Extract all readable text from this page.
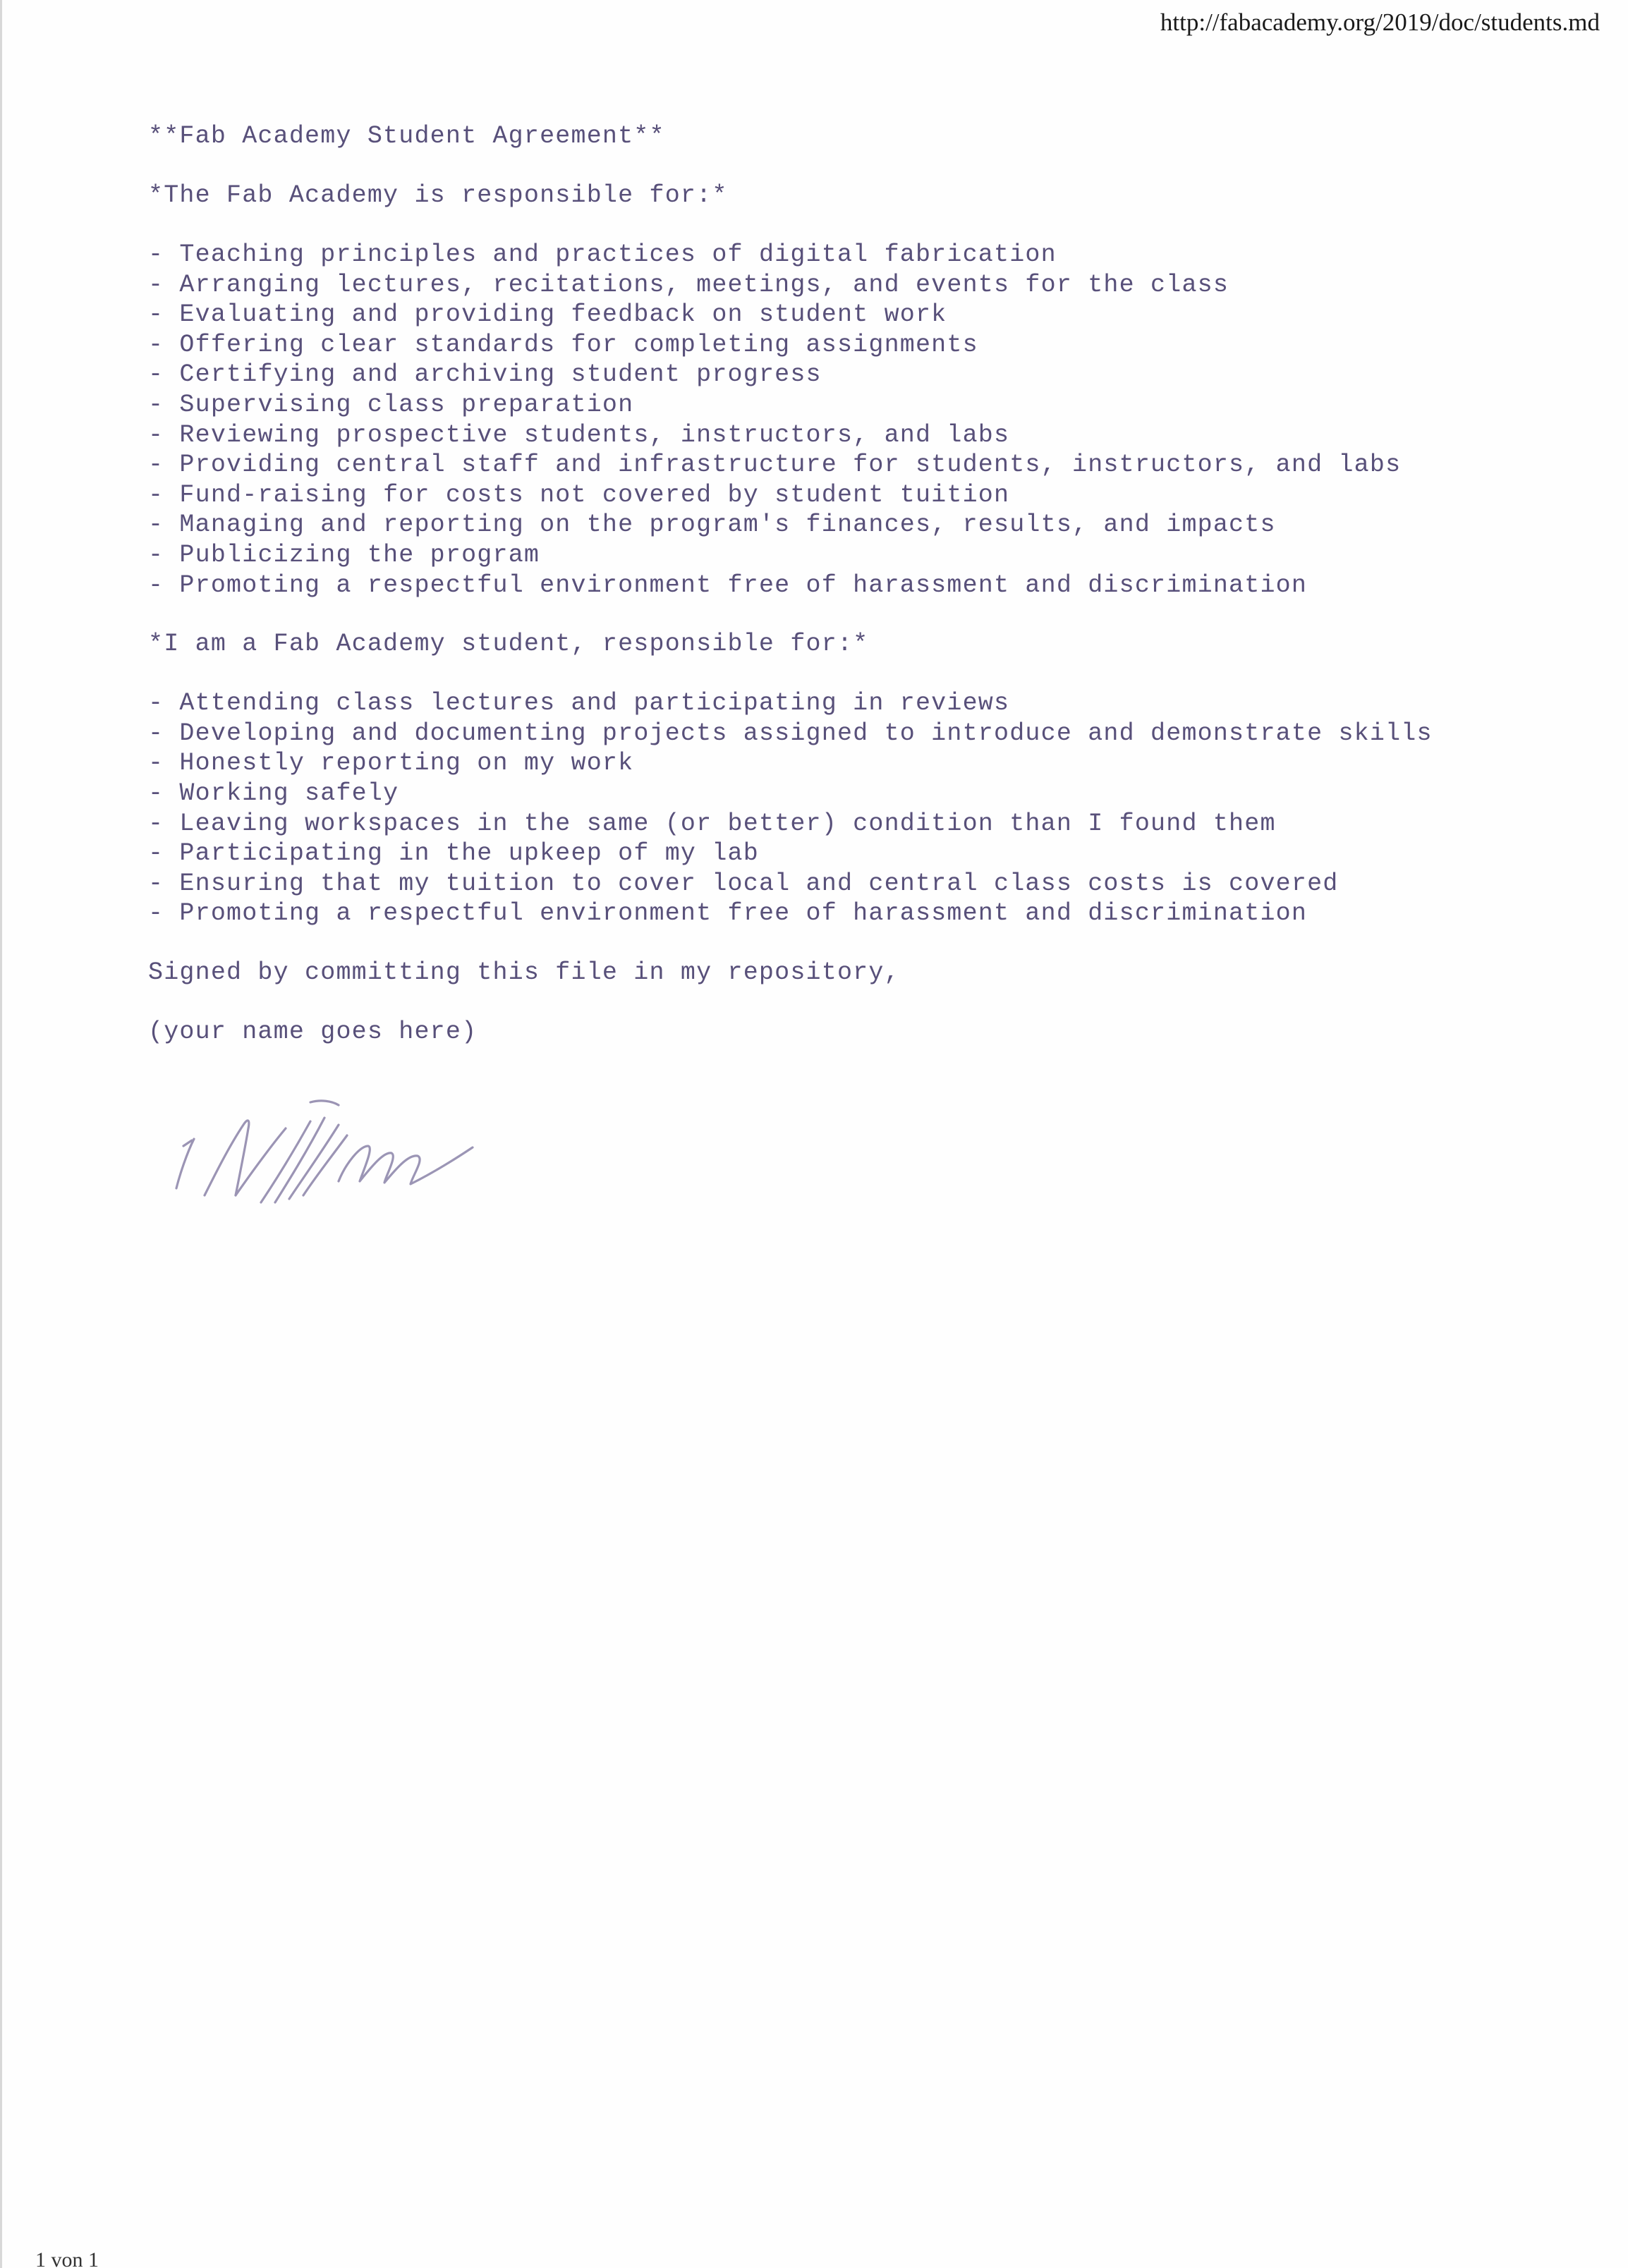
http://fabacademy.org/2019/doc/students.md
**Fab Academy Student Agreement**
*The Fab Academy is responsible for:*
- Teaching principles and practices of digital fabrication
- Arranging lectures, recitations, meetings, and events for the class
- Evaluating and providing feedback on student work
- Offering clear standards for completing assignments
- Certifying and archiving student progress
- Supervising class preparation
- Reviewing prospective students, instructors, and labs
- Providing central staff and infrastructure for students, instructors, and labs
- Fund-raising for costs not covered by student tuition
- Managing and reporting on the program's finances, results, and impacts
- Publicizing the program
- Promoting a respectful environment free of harassment and discrimination
*I am a Fab Academy student, responsible for:*
- Attending class lectures and participating in reviews
- Developing and documenting projects assigned to introduce and demonstrate skills
- Honestly reporting on my work
- Working safely
- Leaving workspaces in the same (or better) condition than I found them
- Participating in the upkeep of my lab
- Ensuring that my tuition to cover local and central class costs is covered
- Promoting a respectful environment free of harassment and discrimination
Signed by committing this file in my repository,
(your name goes here)
1 von 1
